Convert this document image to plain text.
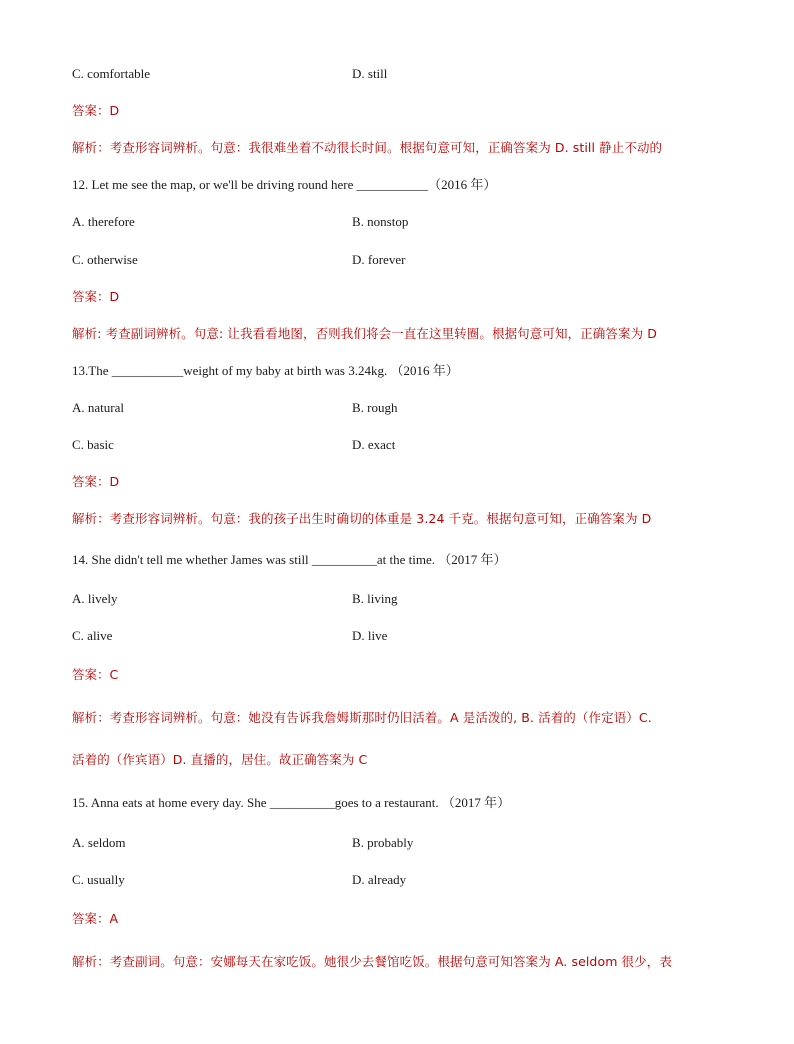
C. comfortable	D. still
答案：D
解析：考查形容词辨析。句意：我很难坐着不动很长时间。根据句意可知，正确答案为 D. still 静止不动的
12. Let me see the map, or we'll be driving round here ___________（2016 年）
A. therefore	B. nonstop
C. otherwise	D. forever
答案：D
解析: 考查副词辨析。句意: 让我看看地图，否则我们将会一直在这里转圈。根据句意可知，正确答案为 D
13.The ___________weight of my baby at birth was 3.24kg. （2016 年）
A. natural	B. rough
C. basic	D. exact
答案：D
解析：考查形容词辨析。句意：我的孩子出生时确切的体重是 3.24 千克。根据句意可知，正确答案为 D
14. She didn't tell me whether James was still __________at the time. （2017 年）
A. lively	B. living
C. alive	D. live
答案：C
解析：考查形容词辨析。句意：她没有告诉我詹姆斯那时仍旧活着。A 是活泼的, B. 活着的（作定语）C.
活着的（作宾语）D. 直播的，居住。故正确答案为 C
15. Anna eats at home every day. She __________goes to a restaurant. （2017 年）
A. seldom	B. probably
C. usually	D. already
答案：A
解析：考查副词。句意：安娜每天在家吃饭。她很少去餐馆吃饭。根据句意可知答案为 A. seldom 很少，表
